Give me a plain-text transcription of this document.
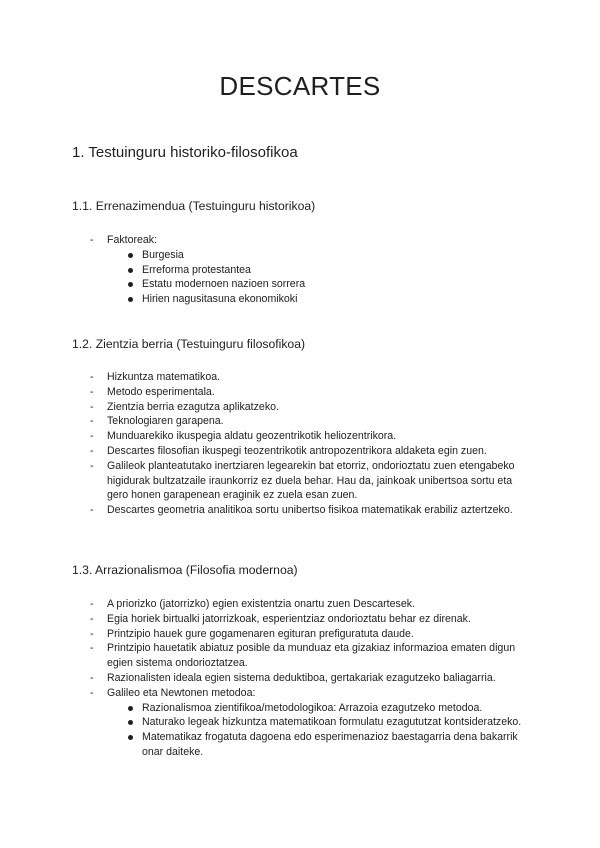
DESCARTES
1. Testuinguru historiko-filosofikoa
1.1. Errenazimendua (Testuinguru historikoa)
- Faktoreak:
Burgesia
Erreforma protestantea
Estatu modernoen nazioen sorrera
Hirien nagusitasuna ekonomikoki
1.2. Zientzia berria (Testuinguru filosofikoa)
- Hizkuntza matematikoa.
- Metodo esperimentala.
- Zientzia berria ezagutza aplikatzeko.
- Teknologiaren garapena.
- Munduarekiko ikuspegia aldatu geozentrikotik heliozentrikora.
- Descartes filosofian ikuspegi teozentrikotik antropozentrikora aldaketa egin zuen.
- Galileok planteatutako inertziaren legearekin bat etorriz, ondorioztatu zuen etengabeko higidurak bultzatzaile iraunkorriz ez duela behar. Hau da, jainkoak unibertsoa sortu eta gero honen garapenean eraginik ez zuela esan zuen.
- Descartes geometria analitikoa sortu unibertso fisikoa matematikak erabiliz aztertzeko.
1.3. Arrazionalismoa (Filosofia modernoa)
- A priorizko (jatorrizko) egien existentzia onartu zuen Descartesek.
- Egia horiek birtualki jatorrizkoak, esperientziaz ondorioztatu behar ez direnak.
- Printzipio hauek gure gogamenaren egituran prefiguratuta daude.
- Printzipio hauetatik abiatuz posible da munduaz eta gizakiaz informazioa ematen digun egien sistema ondorioztatzea.
- Razionalisten ideala egien sistema deduktiboa, gertakariak ezagutzeko baliagarria.
- Galileo eta Newtonen metodoa:
Razionalismoa zientifikoa/metodologikoa: Arrazoia ezagutzeko metodoa.
Naturako legeak hizkuntza matematikoan formulatu ezagututzat kontsideratzeko.
Matematikaz frogatuta dagoena edo esperimenazioz baestagarria dena bakarrik onar daiteke.
